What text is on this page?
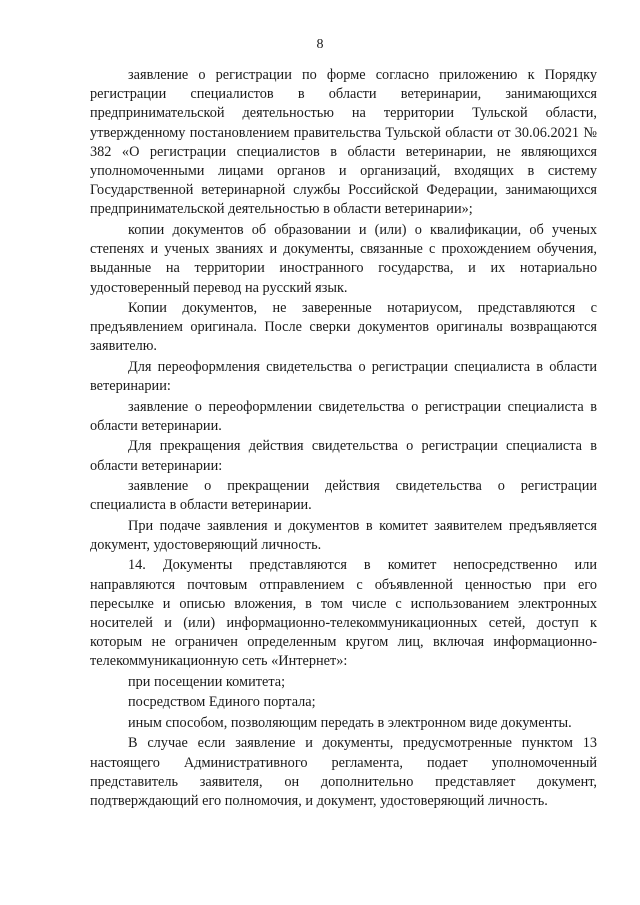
8

заявление о регистрации по форме согласно приложению к Порядку регистрации специалистов в области ветеринарии, занимающихся предпринимательской деятельностью на территории Тульской области, утвержденному постановлением правительства Тульской области от 30.06.2021 № 382 «О регистрации специалистов в области ветеринарии, не являющихся уполномоченными лицами органов и организаций, входящих в систему Государственной ветеринарной службы Российской Федерации, занимающихся предпринимательской деятельностью в области ветеринарии»;

копии документов об образовании и (или) о квалификации, об ученых степенях и ученых званиях и документы, связанные с прохождением обучения, выданные на территории иностранного государства, и их нотариально удостоверенный перевод на русский язык.

Копии документов, не заверенные нотариусом, представляются с предъявлением оригинала. После сверки документов оригиналы возвращаются заявителю.

Для переоформления свидетельства о регистрации специалиста в области ветеринарии:

заявление о переоформлении свидетельства о регистрации специалиста в области ветеринарии.

Для прекращения действия свидетельства о регистрации специалиста в области ветеринарии:

заявление о прекращении действия свидетельства о регистрации специалиста в области ветеринарии.

При подаче заявления и документов в комитет заявителем предъявляется документ, удостоверяющий личность.

14. Документы представляются в комитет непосредственно или направляются почтовым отправлением с объявленной ценностью при его пересылке и описью вложения, в том числе с использованием электронных носителей и (или) информационно-телекоммуникационных сетей, доступ к которым не ограничен определенным кругом лиц, включая информационно-телекоммуникационную сеть «Интернет»:

при посещении комитета;

посредством Единого портала;

иным способом, позволяющим передать в электронном виде документы.

В случае если заявление и документы, предусмотренные пунктом 13 настоящего Административного регламента, подает уполномоченный представитель заявителя, он дополнительно представляет документ, подтверждающий его полномочия, и документ, удостоверяющий личность.
